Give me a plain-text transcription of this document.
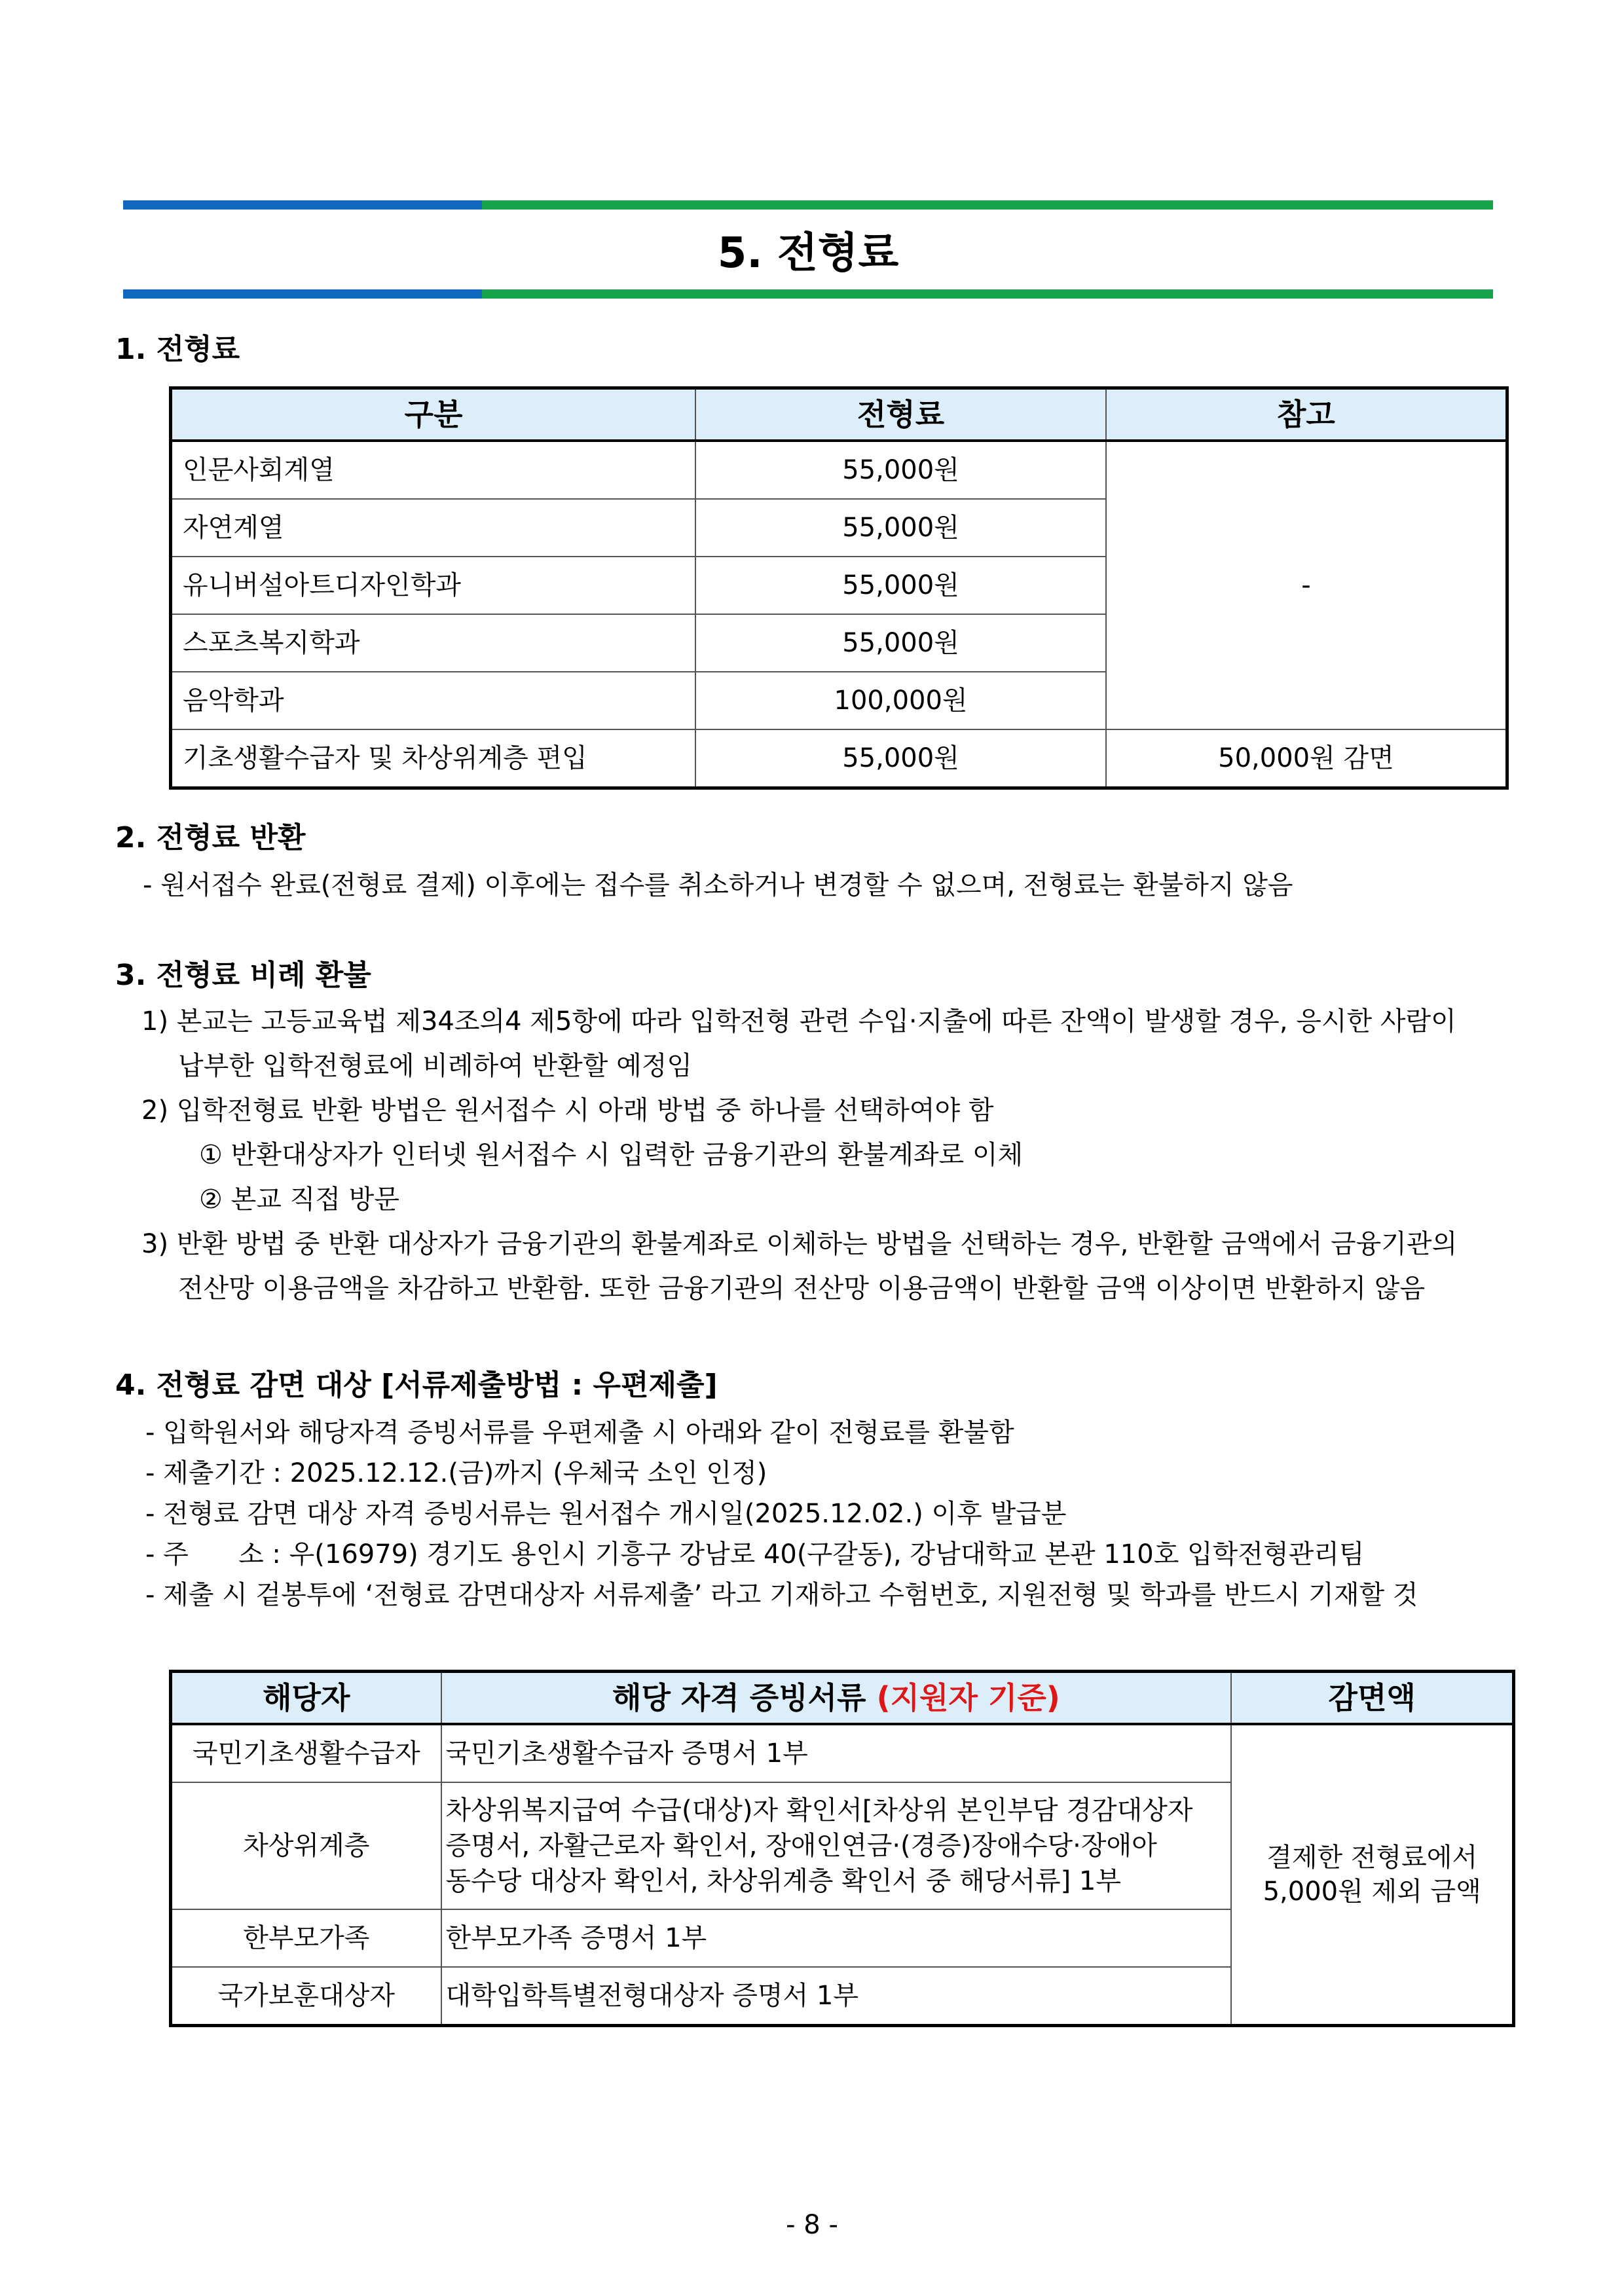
5. 전형료
1. 전형료
구분	전형료	참고
인문사회계열	55,000원	-
자연계열	55,000원	
유니버설아트디자인학과	55,000원	
스포츠복지학과	55,000원	
음악학과	100,000원	
기초생활수급자 및 차상위계층 편입	55,000원	50,000원 감면
2. 전형료 반환
- 원서접수 완료(전형료 결제) 이후에는 접수를 취소하거나 변경할 수 없으며, 전형료는 환불하지 않음
3. 전형료 비례 환불
1) 본교는 고등교육법 제34조의4 제5항에 따라 입학전형 관련 수입·지출에 따른 잔액이 발생할 경우, 응시한 사람이
납부한 입학전형료에 비례하여 반환할 예정임
2) 입학전형료 반환 방법은 원서접수 시 아래 방법 중 하나를 선택하여야 함
① 반환대상자가 인터넷 원서접수 시 입력한 금융기관의 환불계좌로 이체
② 본교 직접 방문
3) 반환 방법 중 반환 대상자가 금융기관의 환불계좌로 이체하는 방법을 선택하는 경우, 반환할 금액에서 금융기관의
전산망 이용금액을 차감하고 반환함. 또한 금융기관의 전산망 이용금액이 반환할 금액 이상이면 반환하지 않음
4. 전형료 감면 대상 [서류제출방법 : 우편제출]
- 입학원서와 해당자격 증빙서류를 우편제출 시 아래와 같이 전형료를 환불함
- 제출기간 : 2025.12.12.(금)까지 (우체국 소인 인정)
- 전형료 감면 대상 자격 증빙서류는 원서접수 개시일(2025.12.02.) 이후 발급분
- 주      소 : 우(16979) 경기도 용인시 기흥구 강남로 40(구갈동), 강남대학교 본관 110호 입학전형관리팀
- 제출 시 겉봉투에 ‘전형료 감면대상자 서류제출’ 라고 기재하고 수험번호, 지원전형 및 학과를 반드시 기재할 것
해당자	해당 자격 증빙서류 (지원자 기준)	감면액
국민기초생활수급자	국민기초생활수급자 증명서 1부	결제한 전형료에서
5,000원 제외 금액

차상위계층	차상위복지급여 수급(대상)자 확인서[차상위 본인부담 경감대상자
증명서, 자활근로자 확인서, 장애인연금·(경증)장애수당·장애아
동수당 대상자 확인서, 차상위계층 확인서 중 해당서류] 1부	

한부모가족	한부모가족 증명서 1부	
국가보훈대상자	대학입학특별전형대상자 증명서 1부	
- 8 -
